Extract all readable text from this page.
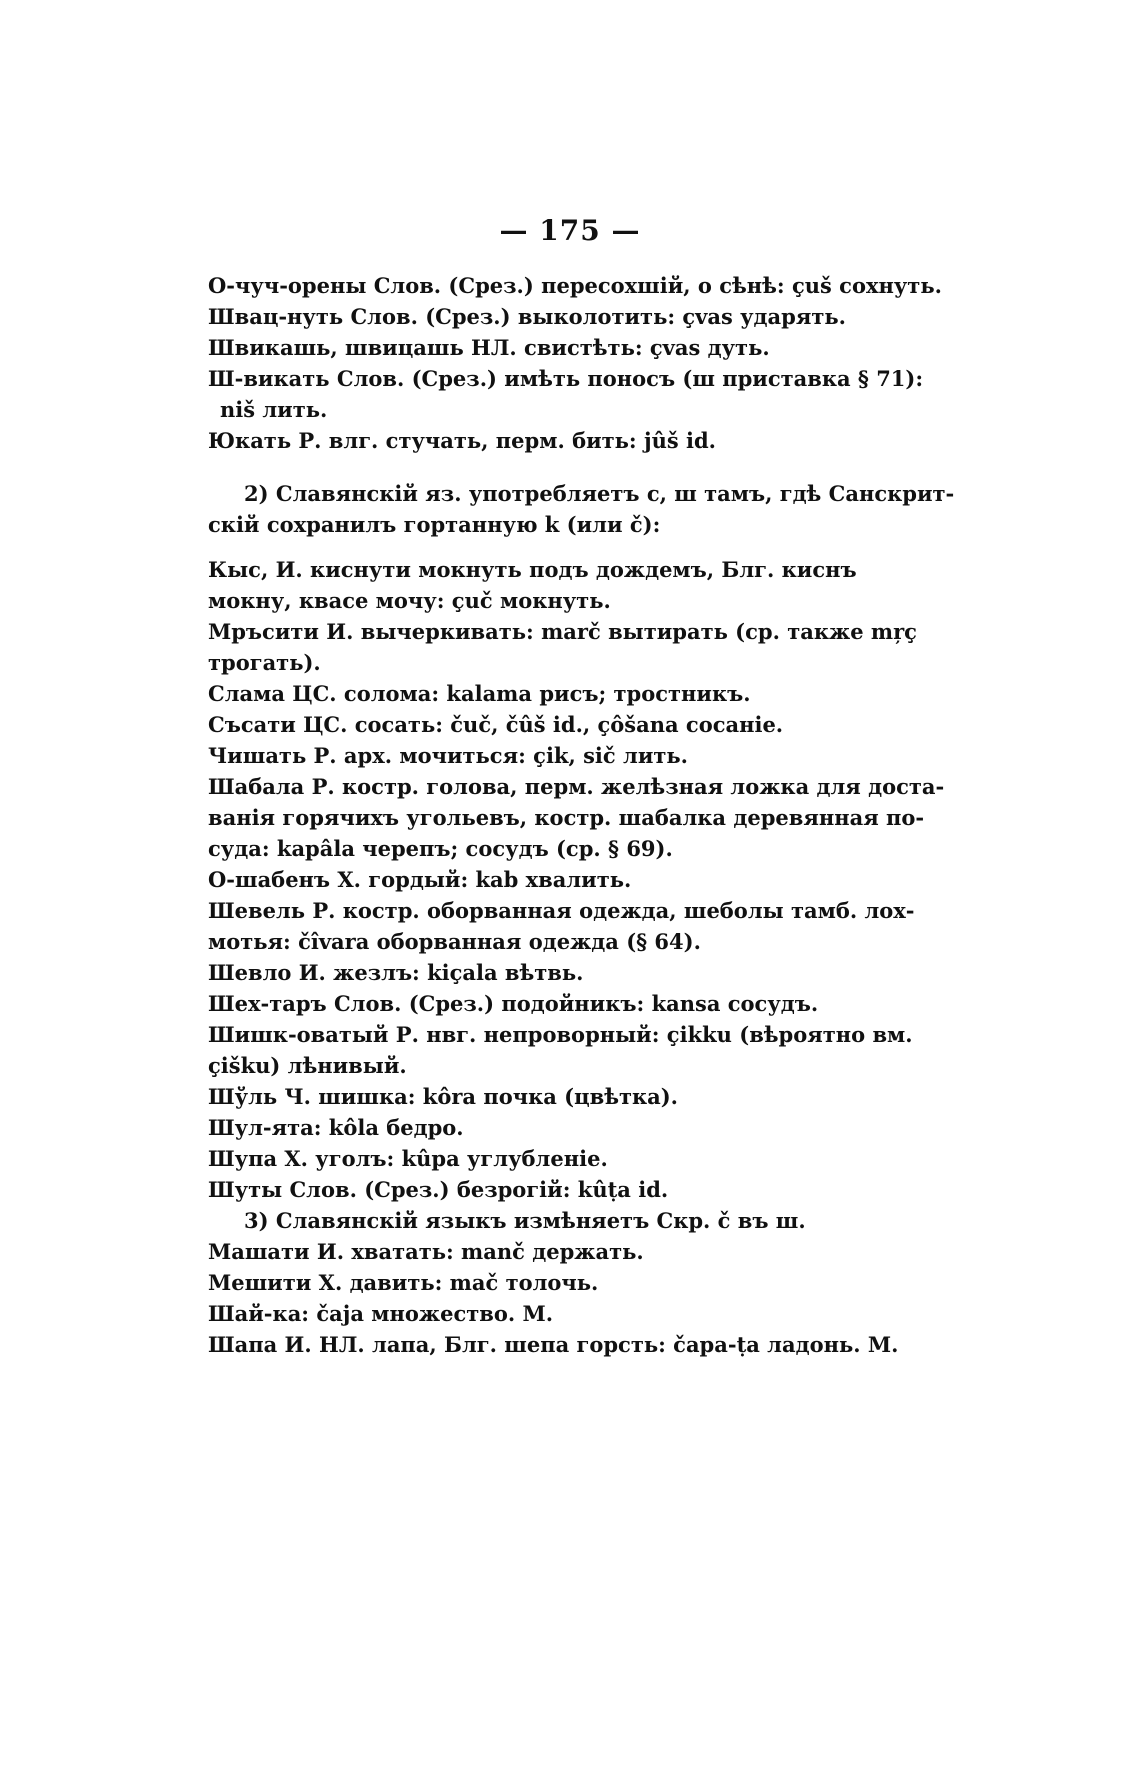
— 175 —
О-чуч-орены Слов. (Срез.) пересохшій, о сѣнѣ: çuš сохнуть.
Швац-нуть Слов. (Срез.) выколотить: çvas ударять.
Швикашь, швицашь НЛ. свистѣть: çvas дуть.
Ш-викать Слов. (Срез.) имѣть поносъ (ш приставка § 71):
niš лить.
Юкать Р. влг. стучать, перм. бить: jûš id.
2) Славянскій яз. употребляетъ с, ш тамъ, гдѣ Санскрит-
скій сохранилъ гортанную k (или č):
Кыс, И. киснути мокнуть подъ дождемъ, Блг. киснъ
мокну, квасе мочу: çuč мокнуть.
Мръсити И. вычеркивать: marč вытирать (ср. также mŗç
трогать).
Слама ЦС. солома: kalama рисъ; тростникъ.
Съсати ЦС. сосать: čuč, čûš id., çôšana сосаніе.
Чишать Р. арх. мочиться: çik, sič лить.
Шабала Р. костр. голова, перм. желѣзная ложка для доста-
ванія горячихъ угольевъ, костр. шабалка деревянная по-
суда: kapâla черепъ; сосудъ (ср. § 69).
О-шабенъ Х. гордый: kab хвалить.
Шевель Р. костр. оборванная одежда, шеболы тамб. лох-
мотья: čîvara оборванная одежда (§ 64).
Шевло И. жезлъ: kiçala вѣтвь.
Шех-таръ Слов. (Срез.) подойникъ: kansa сосудъ.
Шишк-оватый Р. нвг. непроворный: çikku (вѣроятно вм.
çišku) лѣнивый.
Шўль Ч. шишка: kôra почка (цвѣтка).
Шул-ята: kôla бедро.
Шупа Х. уголъ: kûpa углубленіе.
Шуты Слов. (Срез.) безрогій: kûṭa id.
3) Славянскій языкъ измѣняетъ Скр. č въ ш.
Машати И. хватать: manč держать.
Мешити Х. давить: mač толочь.
Шай-ка: čaja множество. М.
Шапа И. НЛ. лапа, Блг. шепа горсть: čapa-ṭa ладонь. М.
